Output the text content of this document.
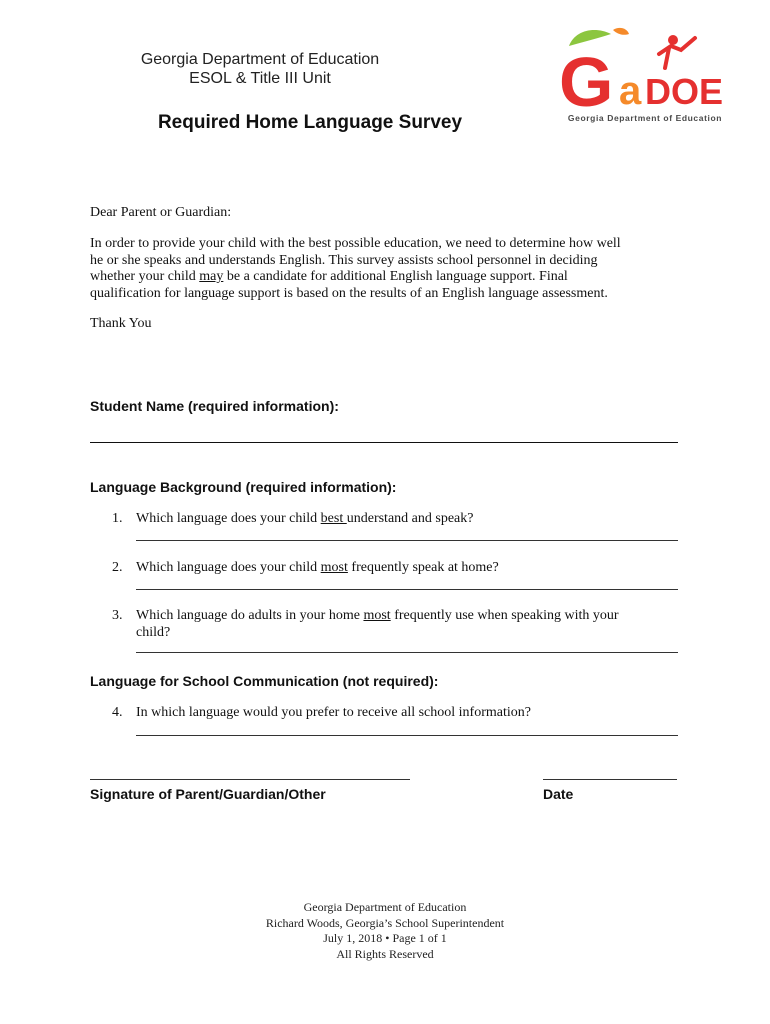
Georgia Department of Education
ESOL & Title III Unit
Required Home Language Survey
G a DOE
Georgia Department of Education
Dear Parent or Guardian:
In order to provide your child with the best possible education, we need to determine how well
he or she speaks and understands English. This survey assists school personnel in deciding
whether your child may be a candidate for additional English language support. Final
qualification for language support is based on the results of an English language assessment.
Thank You
Student Name (required information):
Language Background (required information):
1. Which language does your child best understand and speak?
2. Which language does your child most frequently speak at home?
3. Which language do adults in your home most frequently use when speaking with your
child?
Language for School Communication (not required):
4. In which language would you prefer to receive all school information?
Signature of Parent/Guardian/Other	Date
Georgia Department of Education
Richard Woods, Georgia’s School Superintendent
July 1, 2018 • Page 1 of 1
All Rights Reserved
